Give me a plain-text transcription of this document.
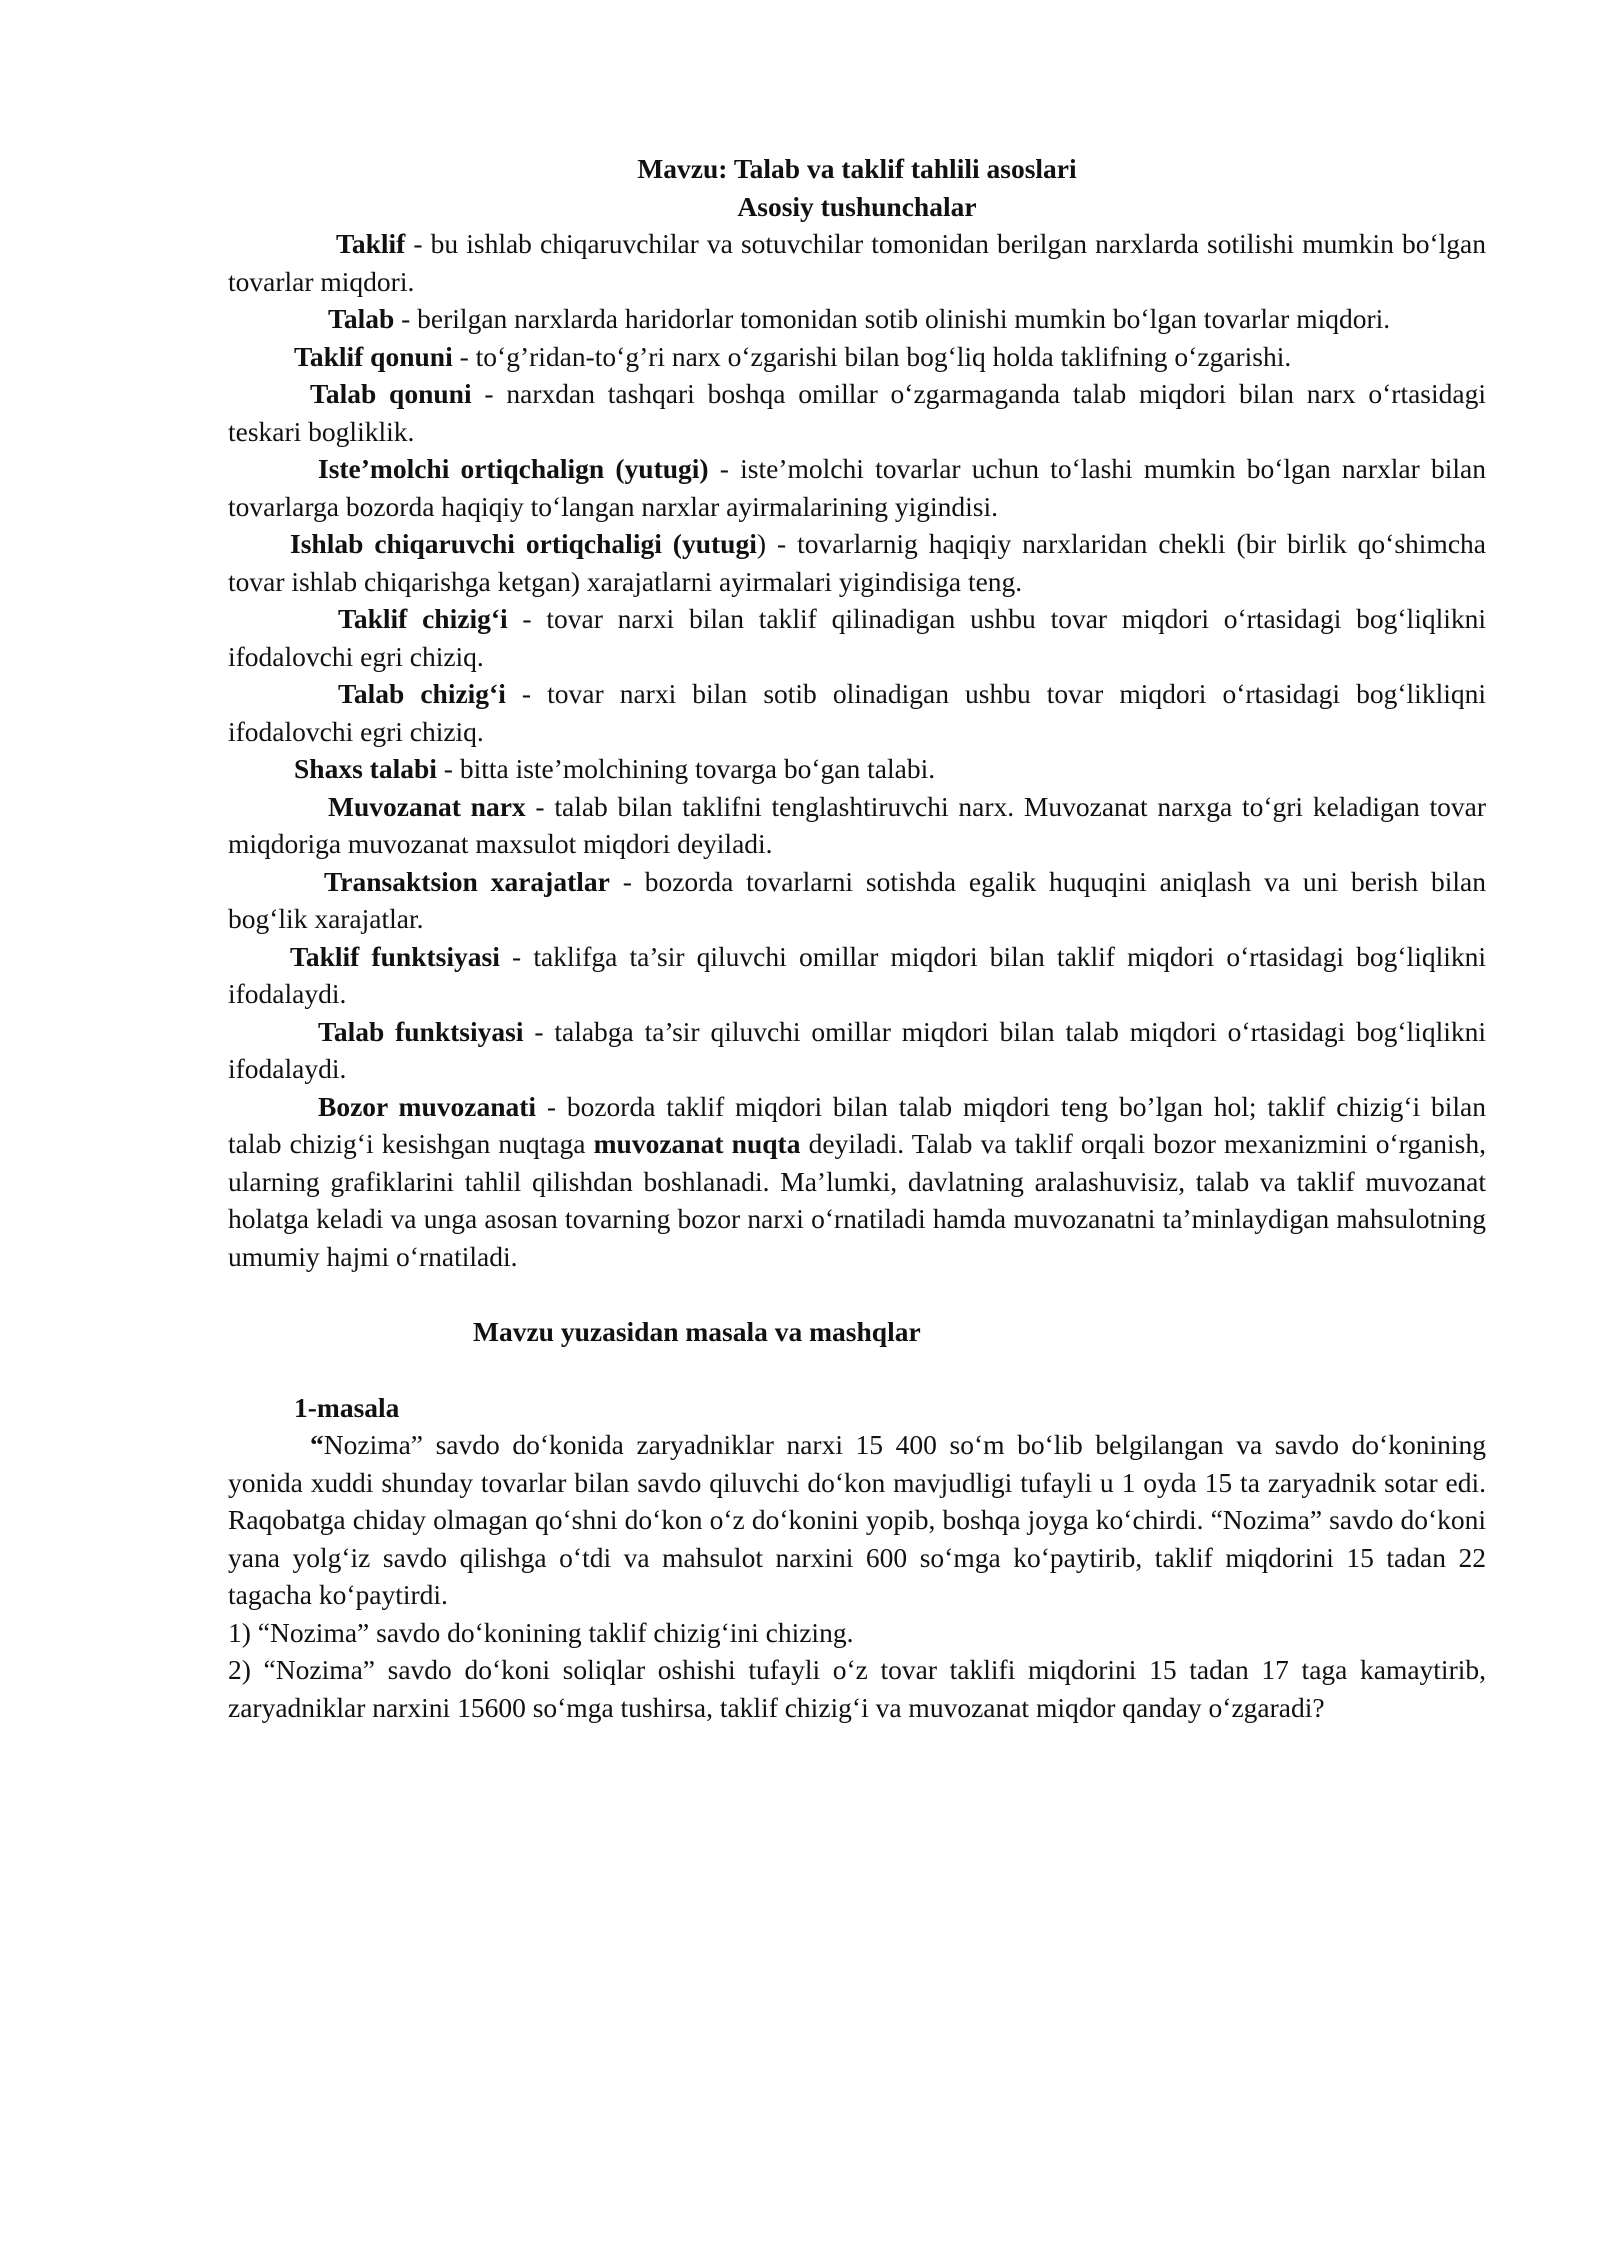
Mavzu: Talab va taklif tahlili asoslari

Asosiy tushunchalar

Taklif - bu ishlab chiqaruvchilar va sotuvchilar tomonidan berilgan narxlarda sotilishi mumkin bo‘lgan tovarlar miqdori.

Talab - berilgan narxlarda haridorlar tomonidan sotib olinishi mumkin bo‘lgan tovarlar miqdori.

Taklif qonuni - to‘g’ridan-to‘g’ri narx o‘zgarishi bilan bog‘liq holda taklifning o‘zgarishi.

Talab qonuni - narxdan tashqari boshqa omillar o‘zgarmaganda talab miqdori bilan narx o‘rtasidagi teskari bogliklik.

Iste’molchi ortiqchalign (yutugi) - iste’molchi tovarlar uchun to‘lashi mumkin bo‘lgan narxlar bilan tovarlarga bozorda haqiqiy to‘langan narxlar ayirmalarining yigindisi.

Ishlab chiqaruvchi ortiqchaligi (yutugi) - tovarlarnig haqiqiy narxlaridan chekli (bir birlik qo‘shimcha tovar ishlab chiqarishga ketgan) xarajatlarni ayirmalari yigindisiga teng.

Taklif chizig‘i - tovar narxi bilan taklif qilinadigan ushbu tovar miqdori o‘rtasidagi bog‘liqlikni ifodalovchi egri chiziq.

Talab chizig‘i - tovar narxi bilan sotib olinadigan ushbu tovar miqdori o‘rtasidagi bog‘likliqni ifodalovchi egri chiziq.

Shaxs talabi - bitta iste’molchining tovarga bo‘gan talabi.

Muvozanat narx - talab bilan taklifni tenglashtiruvchi narx. Muvozanat narxga to‘gri keladigan tovar miqdoriga muvozanat maxsulot miqdori deyiladi.

Transaktsion xarajatlar - bozorda tovarlarni sotishda egalik huquqini aniqlash va uni berish bilan bog‘lik xarajatlar.

Taklif funktsiyasi - taklifga ta’sir qiluvchi omillar miqdori bilan taklif miqdori o‘rtasidagi bog‘liqlikni ifodalaydi.

Talab funktsiyasi - talabga ta’sir qiluvchi omillar miqdori bilan talab miqdori o‘rtasidagi bog‘liqlikni ifodalaydi.

Bozor muvozanati - bozorda taklif miqdori bilan talab miqdori teng bo’lgan hol; taklif chizig‘i bilan talab chizig‘i kesishgan nuqtaga muvozanat nuqta deyiladi. Talab va taklif orqali bozor mexanizmini o‘rganish, ularning grafiklarini tahlil qilishdan boshlanadi. Ma’lumki, davlatning aralashuvisiz, talab va taklif muvozanat holatga keladi va unga asosan tovarning bozor narxi o‘rnatiladi hamda muvozanatni ta’minlaydigan mahsulotning umumiy hajmi o‘rnatiladi.

Mavzu yuzasidan masala va mashqlar

1-masala

“Nozima” savdo do‘konida zaryadniklar narxi 15 400 so‘m bo‘lib belgilangan va savdo do‘konining yonida xuddi shunday tovarlar bilan savdo qiluvchi do‘kon mavjudligi tufayli u 1 oyda 15 ta zaryadnik sotar edi. Raqobatga chiday olmagan qo‘shni do‘kon o‘z do‘konini yopib, boshqa joyga ko‘chirdi. “Nozima” savdo do‘koni yana yolg‘iz savdo qilishga o‘tdi va mahsulot narxini 600 so‘mga ko‘paytirib, taklif miqdorini 15 tadan 22 tagacha ko‘paytirdi.

1) “Nozima” savdo do‘konining taklif chizig‘ini chizing.

2) “Nozima” savdo do‘koni soliqlar oshishi tufayli o‘z tovar taklifi miqdorini 15 tadan 17 taga kamaytirib, zaryadniklar narxini 15600 so‘mga tushirsa, taklif chizig‘i va muvozanat miqdor qanday o‘zgaradi?
